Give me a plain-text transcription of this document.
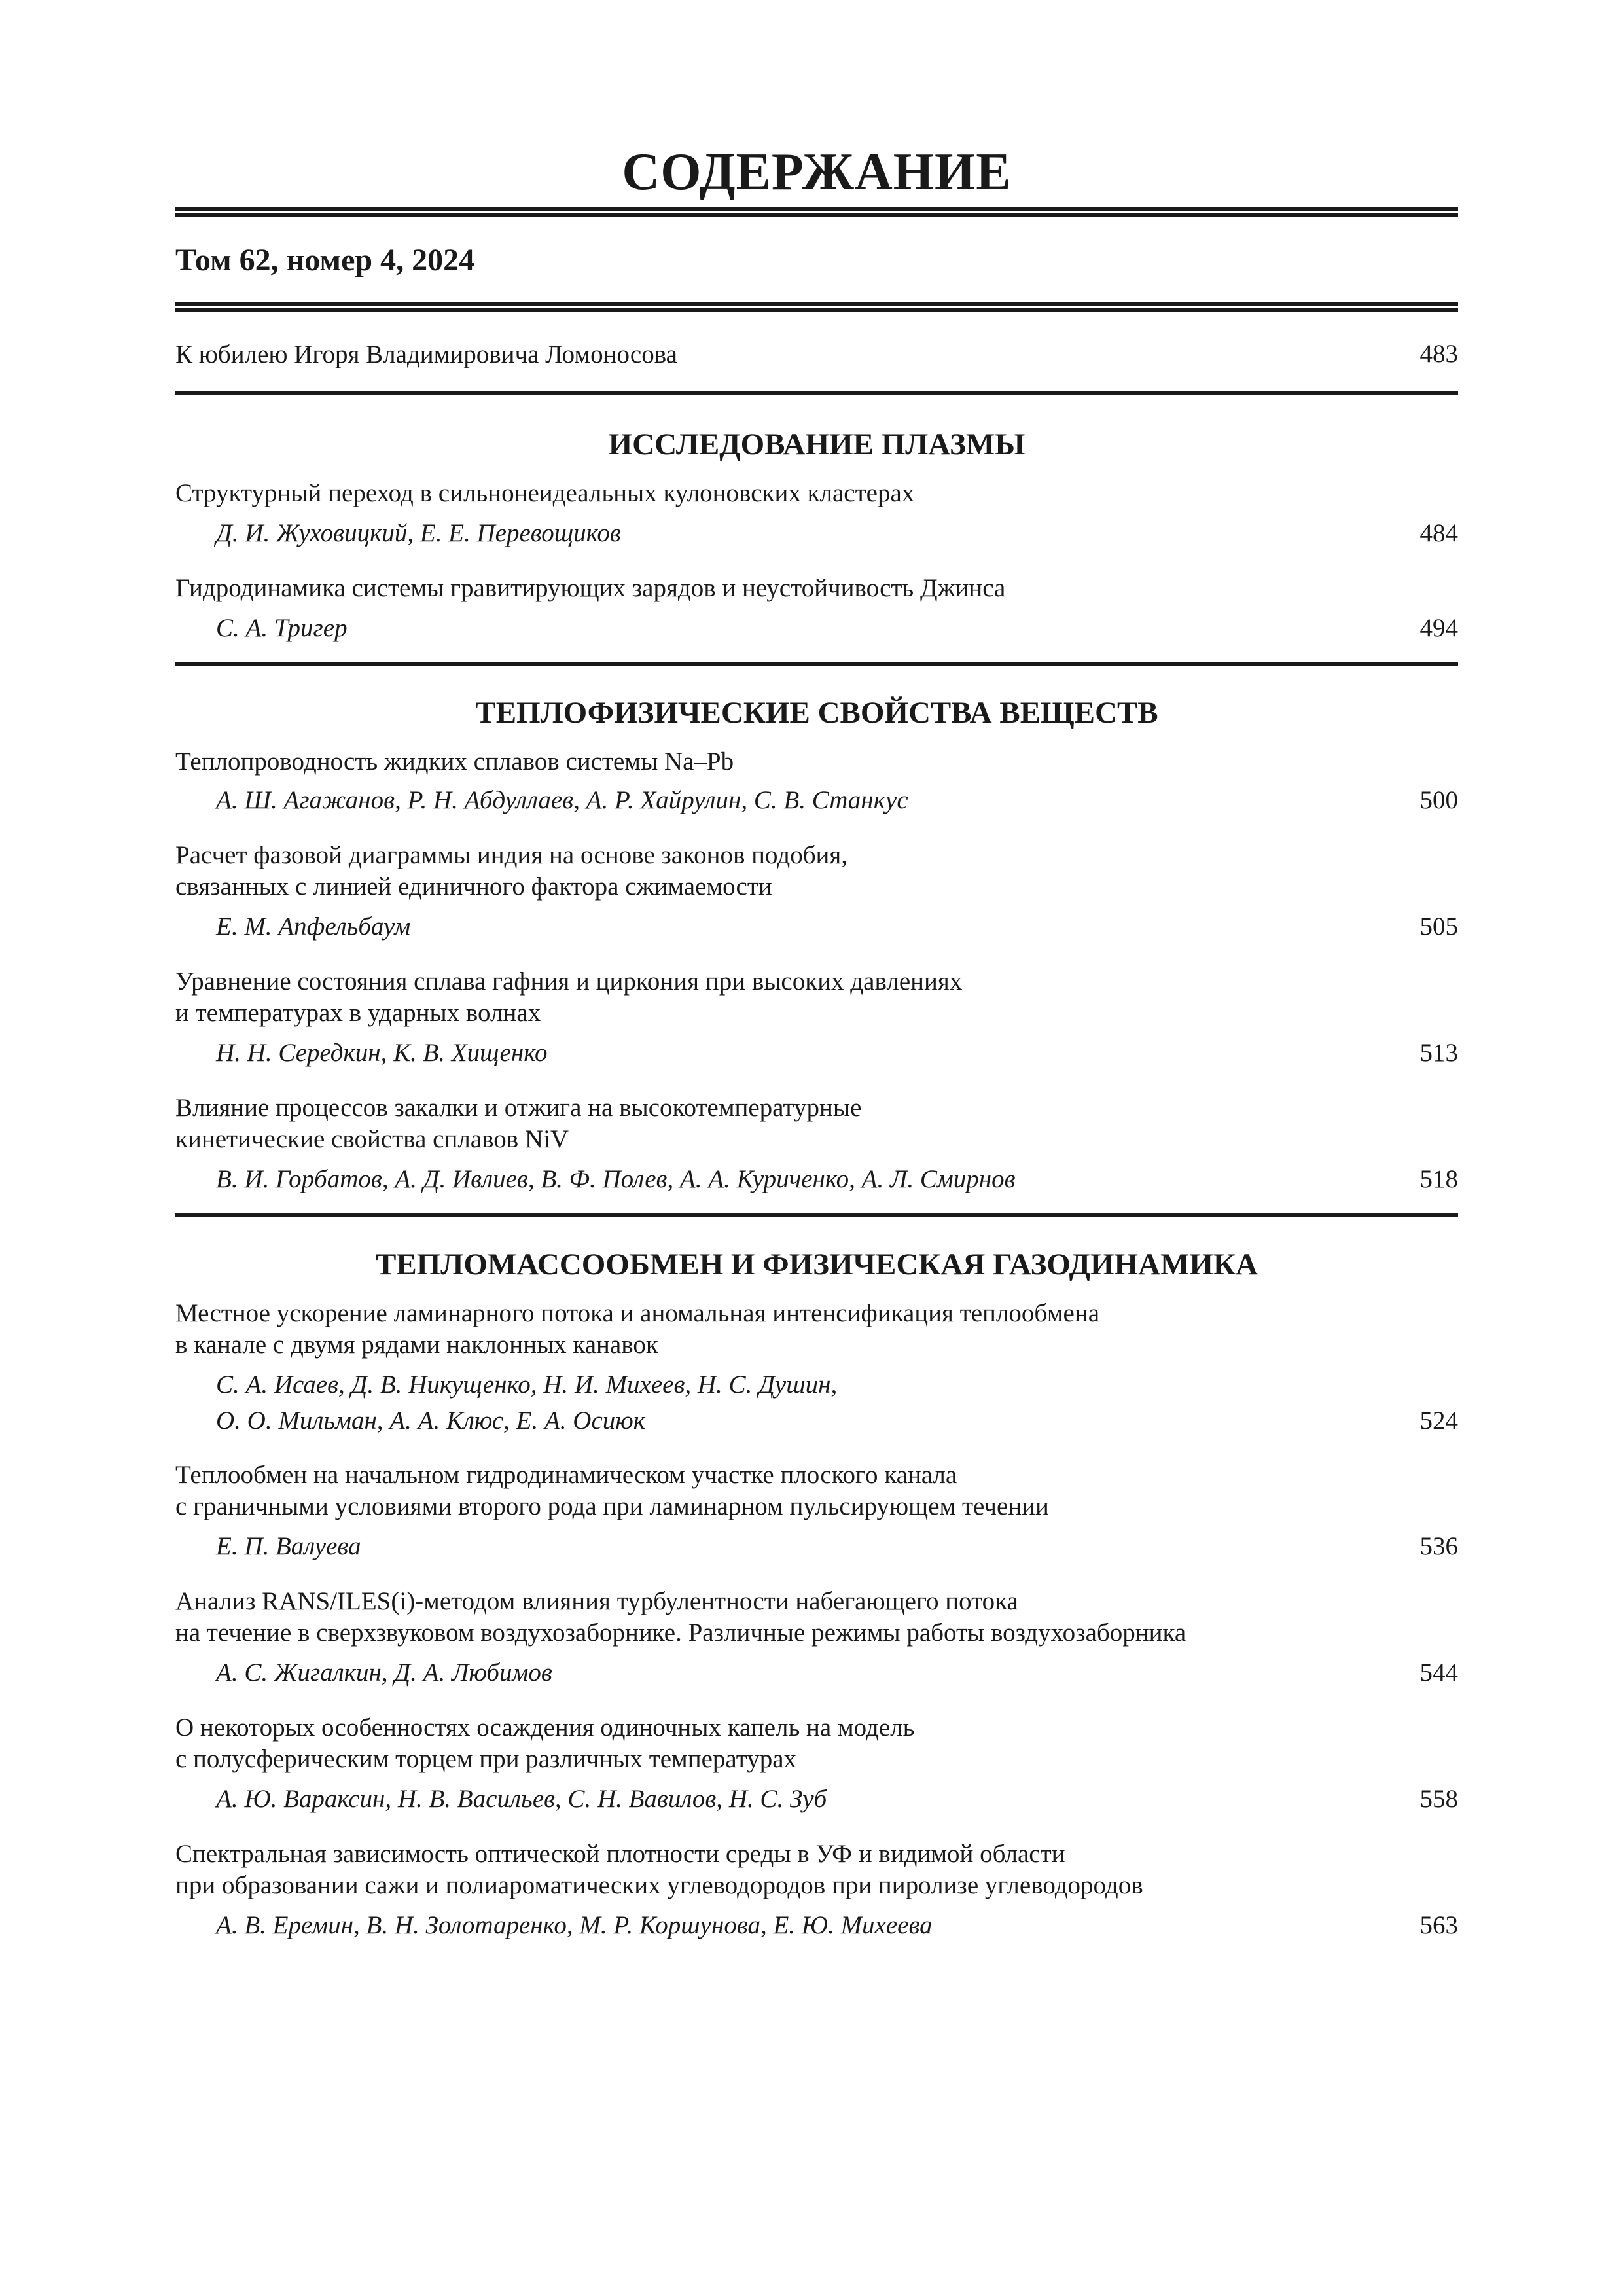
СОДЕРЖАНИЕ
Том 62, номер 4, 2024
К юбилею Игоря Владимировича Ломоносова	483
ИССЛЕДОВАНИЕ ПЛАЗМЫ
Структурный переход в сильнонеидеальных кулоновских кластерах
Д. И. Жуховицкий, Е. Е. Перевощиков	484
Гидродинамика системы гравитирующих зарядов и неустойчивость Джинса
С. А. Тригер	494
ТЕПЛОФИЗИЧЕСКИЕ СВОЙСТВА ВЕЩЕСТВ
Теплопроводность жидких сплавов системы Na–Pb
А. Ш. Агажанов, Р. Н. Абдуллаев, А. Р. Хайрулин, С. В. Станкус	500
Расчет фазовой диаграммы индия на основе законов подобия,
связанных с линией единичного фактора сжимаемости
Е. М. Апфельбаум	505
Уравнение состояния сплава гафния и циркония при высоких давлениях
и температурах в ударных волнах
Н. Н. Середкин, К. В. Хищенко	513
Влияние процессов закалки и отжига на высокотемпературные
кинетические свойства сплавов NiV
В. И. Горбатов, А. Д. Ивлиев, В. Ф. Полев, А. А. Куриченко, А. Л. Смирнов	518
ТЕПЛОМАССООБМЕН И ФИЗИЧЕСКАЯ ГАЗОДИНАМИКА
Местное ускорение ламинарного потока и аномальная интенсификация теплообмена
в канале с двумя рядами наклонных канавок
С. А. Исаев, Д. В. Никущенко, Н. И. Михеев, Н. С. Душин,
О. О. Мильман, А. А. Клюс, Е. А. Осиюк	524
Теплообмен на начальном гидродинамическом участке плоского канала
с граничными условиями второго рода при ламинарном пульсирующем течении
Е. П. Валуева	536
Анализ RANS/ILES(i)-методом влияния турбулентности набегающего потока
на течение в сверхзвуковом воздухозаборнике. Различные режимы работы воздухозаборника
А. С. Жигалкин, Д. А. Любимов	544
О некоторых особенностях осаждения одиночных капель на модель
с полусферическим торцем при различных температурах
А. Ю. Вараксин, Н. В. Васильев, С. Н. Вавилов, Н. С. Зуб	558
Спектральная зависимость оптической плотности среды в УФ и видимой области
при образовании сажи и полиароматических углеводородов при пиролизе углеводородов
А. В. Еремин, В. Н. Золотаренко, М. Р. Коршунова, Е. Ю. Михеева	563
